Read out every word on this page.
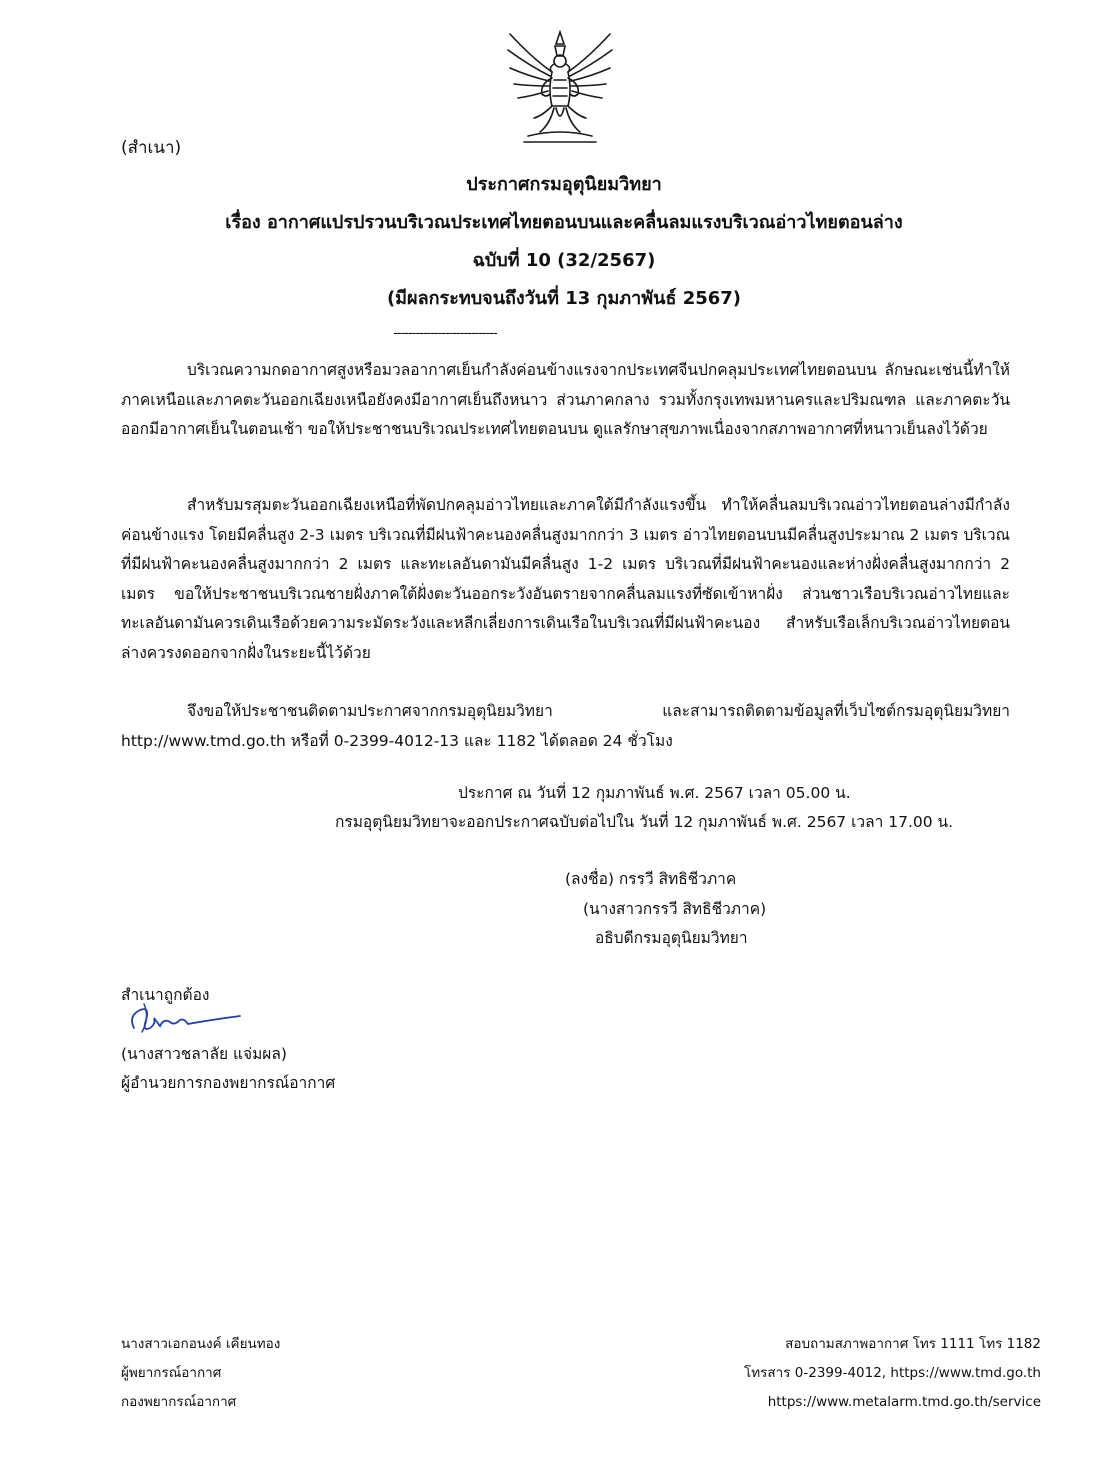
(สำเนา)
ประกาศกรมอุตุนิยมวิทยา
เรื่อง อากาศแปรปรวนบริเวณประเทศไทยตอนบนและคลื่นลมแรงบริเวณอ่าวไทยตอนล่าง
ฉบับที่ 10 (32/2567)
(มีผลกระทบจนถึงวันที่ 13 กุมภาพันธ์ 2567)
----------------------------

บริเวณความกดอากาศสูงหรือมวลอากาศเย็นกำลังค่อนข้างแรงจากประเทศจีนปกคลุมประเทศไทยตอนบน ลักษณะเช่นนี้ทำให้ภาคเหนือและภาคตะวันออกเฉียงเหนือยังคงมีอากาศเย็นถึงหนาว ส่วนภาคกลาง รวมทั้งกรุงเทพมหานครและปริมณฑล และภาคตะวันออกมีอากาศเย็นในตอนเช้า ขอให้ประชาชนบริเวณประเทศไทยตอนบน ดูแลรักษาสุขภาพเนื่องจากสภาพอากาศที่หนาวเย็นลงไว้ด้วย

สำหรับมรสุมตะวันออกเฉียงเหนือที่พัดปกคลุมอ่าวไทยและภาคใต้มีกำลังแรงขึ้น ทำให้คลื่นลมบริเวณอ่าวไทยตอนล่างมีกำลังค่อนข้างแรง โดยมีคลื่นสูง 2-3 เมตร บริเวณที่มีฝนฟ้าคะนองคลื่นสูงมากกว่า 3 เมตร อ่าวไทยตอนบนมีคลื่นสูงประมาณ 2 เมตร บริเวณที่มีฝนฟ้าคะนองคลื่นสูงมากกว่า 2 เมตร และทะเลอันดามันมีคลื่นสูง 1-2 เมตร บริเวณที่มีฝนฟ้าคะนองและห่างฝั่งคลื่นสูงมากกว่า 2 เมตร ขอให้ประชาชนบริเวณชายฝั่งภาคใต้ฝั่งตะวันออกระวังอันตรายจากคลื่นลมแรงที่ซัดเข้าหาฝั่ง ส่วนชาวเรือบริเวณอ่าวไทยและทะเลอันดามันควรเดินเรือด้วยความระมัดระวังและหลีกเลี่ยงการเดินเรือในบริเวณที่มีฝนฟ้าคะนอง สำหรับเรือเล็กบริเวณอ่าวไทยตอนล่างควรงดออกจากฝั่งในระยะนี้ไว้ด้วย

จึงขอให้ประชาชนติดตามประกาศจากกรมอุตุนิยมวิทยา และสามารถติดตามข้อมูลที่เว็บไซต์กรมอุตุนิยมวิทยา http://www.tmd.go.th หรือที่ 0-2399-4012-13 และ 1182 ได้ตลอด 24 ชั่วโมง

ประกาศ ณ วันที่ 12 กุมภาพันธ์ พ.ศ. 2567 เวลา 05.00 น.
กรมอุตุนิยมวิทยาจะออกประกาศฉบับต่อไปใน วันที่ 12 กุมภาพันธ์ พ.ศ. 2567 เวลา 17.00 น.
(ลงชื่อ) กรรวี สิทธิชีวภาค
(นางสาวกรรวี สิทธิชีวภาค)
อธิบดีกรมอุตุนิยมวิทยา
สำเนาถูกต้อง
(นางสาวชลาลัย แจ่มผล)
ผู้อำนวยการกองพยากรณ์อากาศ
นางสาวเอกอนงค์ เคียนทอง
ผู้พยากรณ์อากาศ
กองพยากรณ์อากาศ
สอบถามสภาพอากาศ โทร 1111 โทร 1182
โทรสาร 0-2399-4012, https://www.tmd.go.th
https://www.metalarm.tmd.go.th/service
